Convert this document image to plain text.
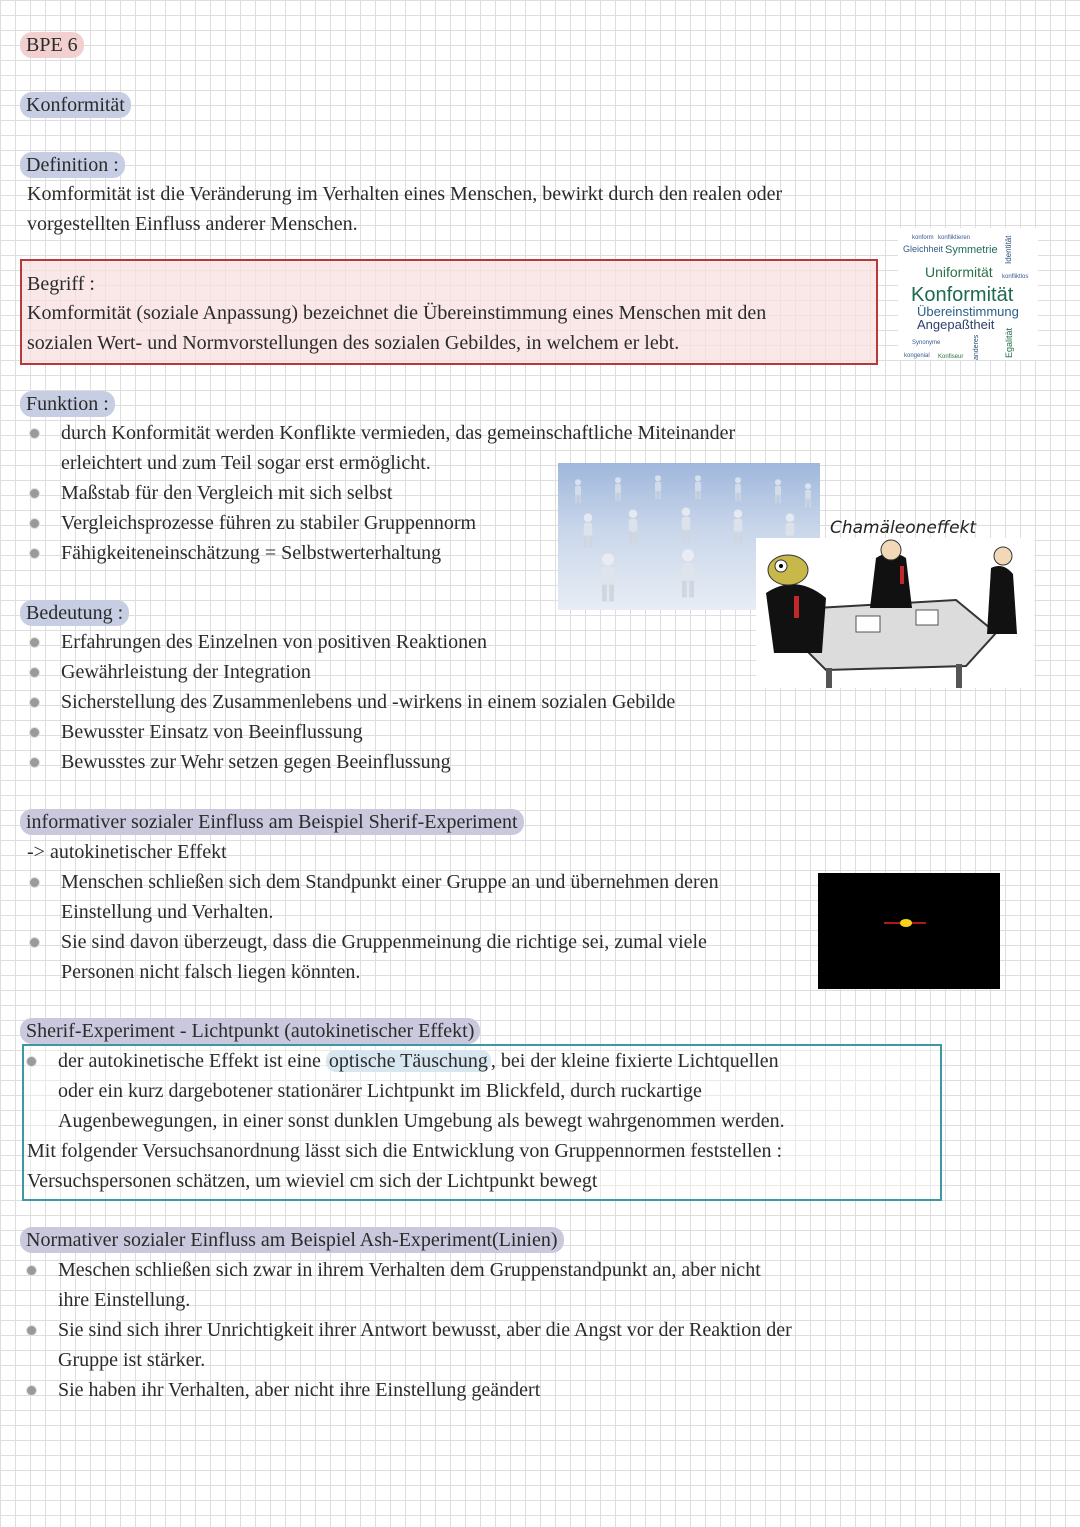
BPE 6
Konformität
Definition :
Komformität ist die Veränderung im Verhalten eines Menschen, bewirkt durch den realen oder
vorgestellten Einfluss anderer Menschen.
Begriff :
Komformität (soziale Anpassung) bezeichnet die Übereinstimmung eines Menschen mit den
sozialen Wert- und Normvorstellungen des sozialen Gebildes, in welchem er lebt.
konform konfliktieren
Gleichheit Symmetrie Identität
Uniformität konfliktlos
Konformität
Übereinstimmung
Angepaßtheit
Synonyme
kongenial Konfiseur anderes	Egalität
Funktion :
durch Konformität werden Konflikte vermieden, das gemeinschaftliche Miteinander
erleichtert und zum Teil sogar erst ermöglicht.
Maßstab für den Vergleich mit sich selbst
Vergleichsprozesse führen zu stabiler Gruppennorm
Fähigkeiteneinschätzung = Selbstwerterhaltung
Chamäleoneffekt
Bedeutung :
Erfahrungen des Einzelnen von positiven Reaktionen
Gewährleistung der Integration
Sicherstellung des Zusammenlebens und -wirkens in einem sozialen Gebilde
Bewusster Einsatz von Beeinflussung
Bewusstes zur Wehr setzen gegen Beeinflussung
informativer sozialer Einfluss am Beispiel Sherif-Experiment
-> autokinetischer Effekt
Menschen schließen sich dem Standpunkt einer Gruppe an und übernehmen deren
Einstellung und Verhalten.
Sie sind davon überzeugt, dass die Gruppenmeinung die richtige sei, zumal viele
Personen nicht falsch liegen könnten.
Sherif-Experiment - Lichtpunkt (autokinetischer Effekt)
der autokinetische Effekt ist eine optische Täuschung , bei der kleine fixierte Lichtquellen
oder ein kurz dargebotener stationärer Lichtpunkt im Blickfeld, durch ruckartige
Augenbewegungen, in einer sonst dunklen Umgebung als bewegt wahrgenommen werden.
Mit folgender Versuchsanordnung lässt sich die Entwicklung von Gruppennormen feststellen :
Versuchspersonen schätzen, um wieviel cm sich der Lichtpunkt bewegt
Normativer sozialer Einfluss am Beispiel Ash-Experiment(Linien)
Meschen schließen sich zwar in ihrem Verhalten dem Gruppenstandpunkt an, aber nicht
ihre Einstellung.
Sie sind sich ihrer Unrichtigkeit ihrer Antwort bewusst, aber die Angst vor der Reaktion der
Gruppe ist stärker.
Sie haben ihr Verhalten, aber nicht ihre Einstellung geändert
